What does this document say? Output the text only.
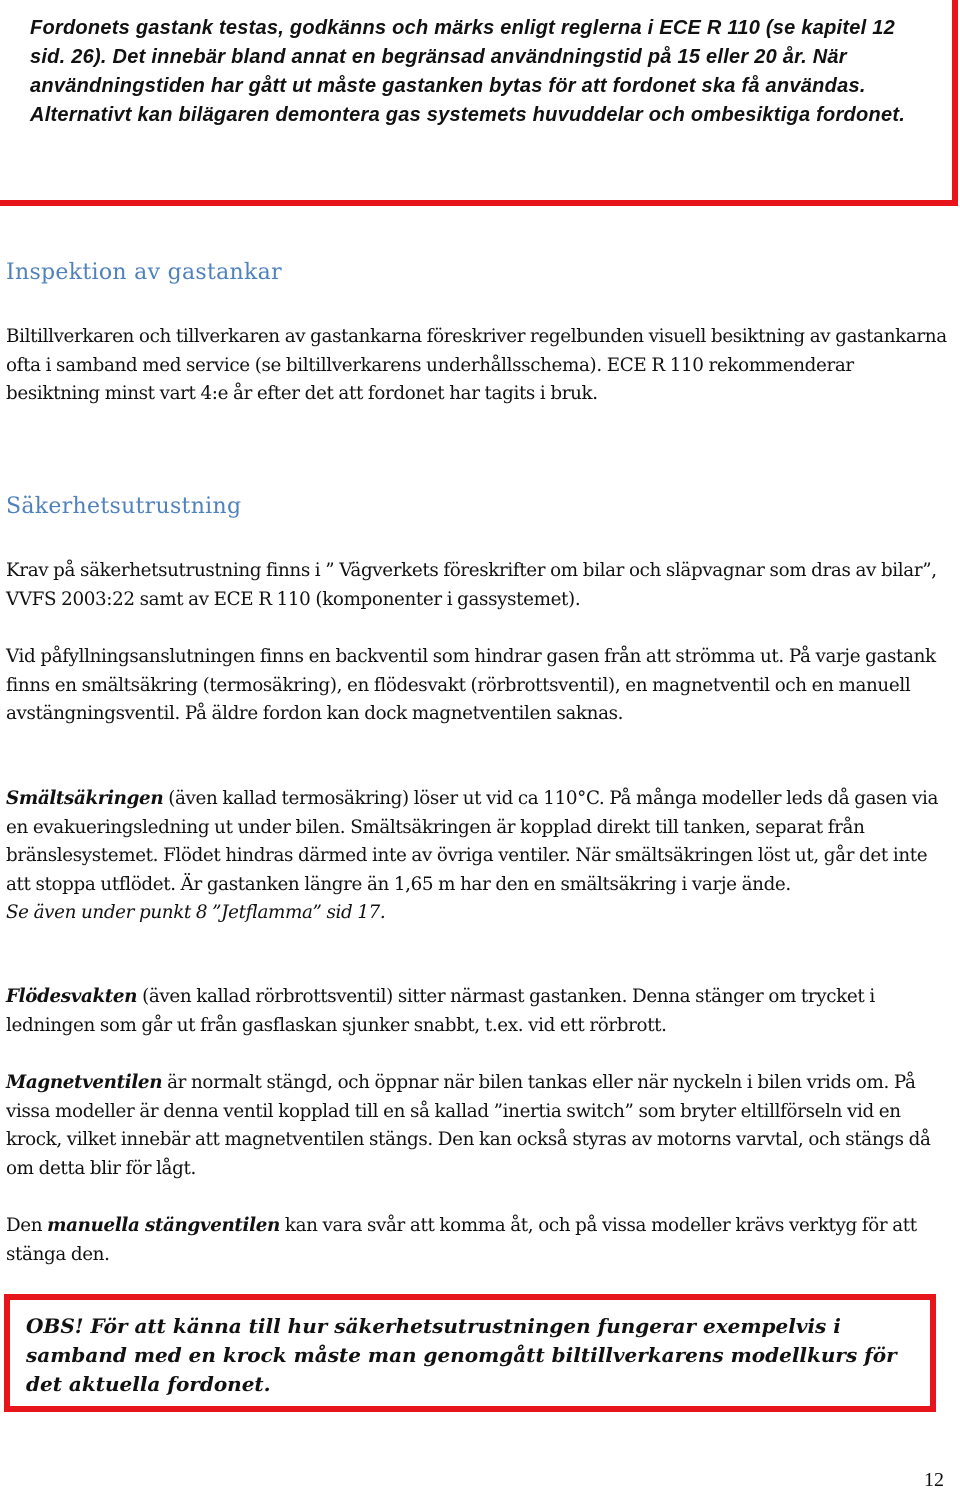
Fordonets gastank testas, godkänns och märks enligt reglerna i ECE R 110 (se kapitel 12 sid. 26). Det innebär bland annat en begränsad användningstid på 15 eller 20 år. När användningstiden har gått ut måste gastanken bytas för att fordonet ska få användas.

Alternativt kan bilägaren demontera gas systemets huvuddelar och ombesiktiga fordonet.

Inspektion av gastankar

Biltillverkaren och tillverkaren av gastankarna föreskriver regelbunden visuell besiktning av gastankarna ofta i samband med service (se biltillverkarens underhållsschema). ECE R 110 rekommenderar besiktning minst vart 4:e år efter det att fordonet har tagits i bruk.

Säkerhetsutrustning

Krav på säkerhetsutrustning finns i ” Vägverkets föreskrifter om bilar och släpvagnar som dras av bilar”, VVFS 2003:22 samt av ECE R 110 (komponenter i gassystemet).

Vid påfyllningsanslutningen finns en backventil som hindrar gasen från att strömma ut. På varje gastank finns en smältsäkring (termosäkring), en flödesvakt (rörbrottsventil), en magnetventil och en manuell avstängningsventil. På äldre fordon kan dock magnetventilen saknas.

Smältsäkringen (även kallad termosäkring) löser ut vid ca 110°C. På många modeller leds då gasen via en evakueringsledning ut under bilen. Smältsäkringen är kopplad direkt till tanken, separat från bränslesystemet. Flödet hindras därmed inte av övriga ventiler. När smältsäkringen löst ut, går det inte att stoppa utflödet. Är gastanken längre än 1,65 m har den en smältsäkring i varje ände.
Se även under punkt 8 ”Jetflamma” sid 17.

Flödesvakten (även kallad rörbrottsventil) sitter närmast gastanken. Denna stänger om trycket i ledningen som går ut från gasflaskan sjunker snabbt, t.ex. vid ett rörbrott.

Magnetventilen är normalt stängd, och öppnar när bilen tankas eller när nyckeln i bilen vrids om. På vissa modeller är denna ventil kopplad till en så kallad ”inertia switch” som bryter eltillförseln vid en krock, vilket innebär att magnetventilen stängs. Den kan också styras av motorns varvtal, och stängs då om detta blir för lågt.

Den manuella stängventilen kan vara svår att komma åt, och på vissa modeller krävs verktyg för att stänga den.

OBS! För att känna till hur säkerhetsutrustningen fungerar exempelvis i samband med en krock måste man genomgått biltillverkarens modellkurs för det aktuella fordonet.

12
